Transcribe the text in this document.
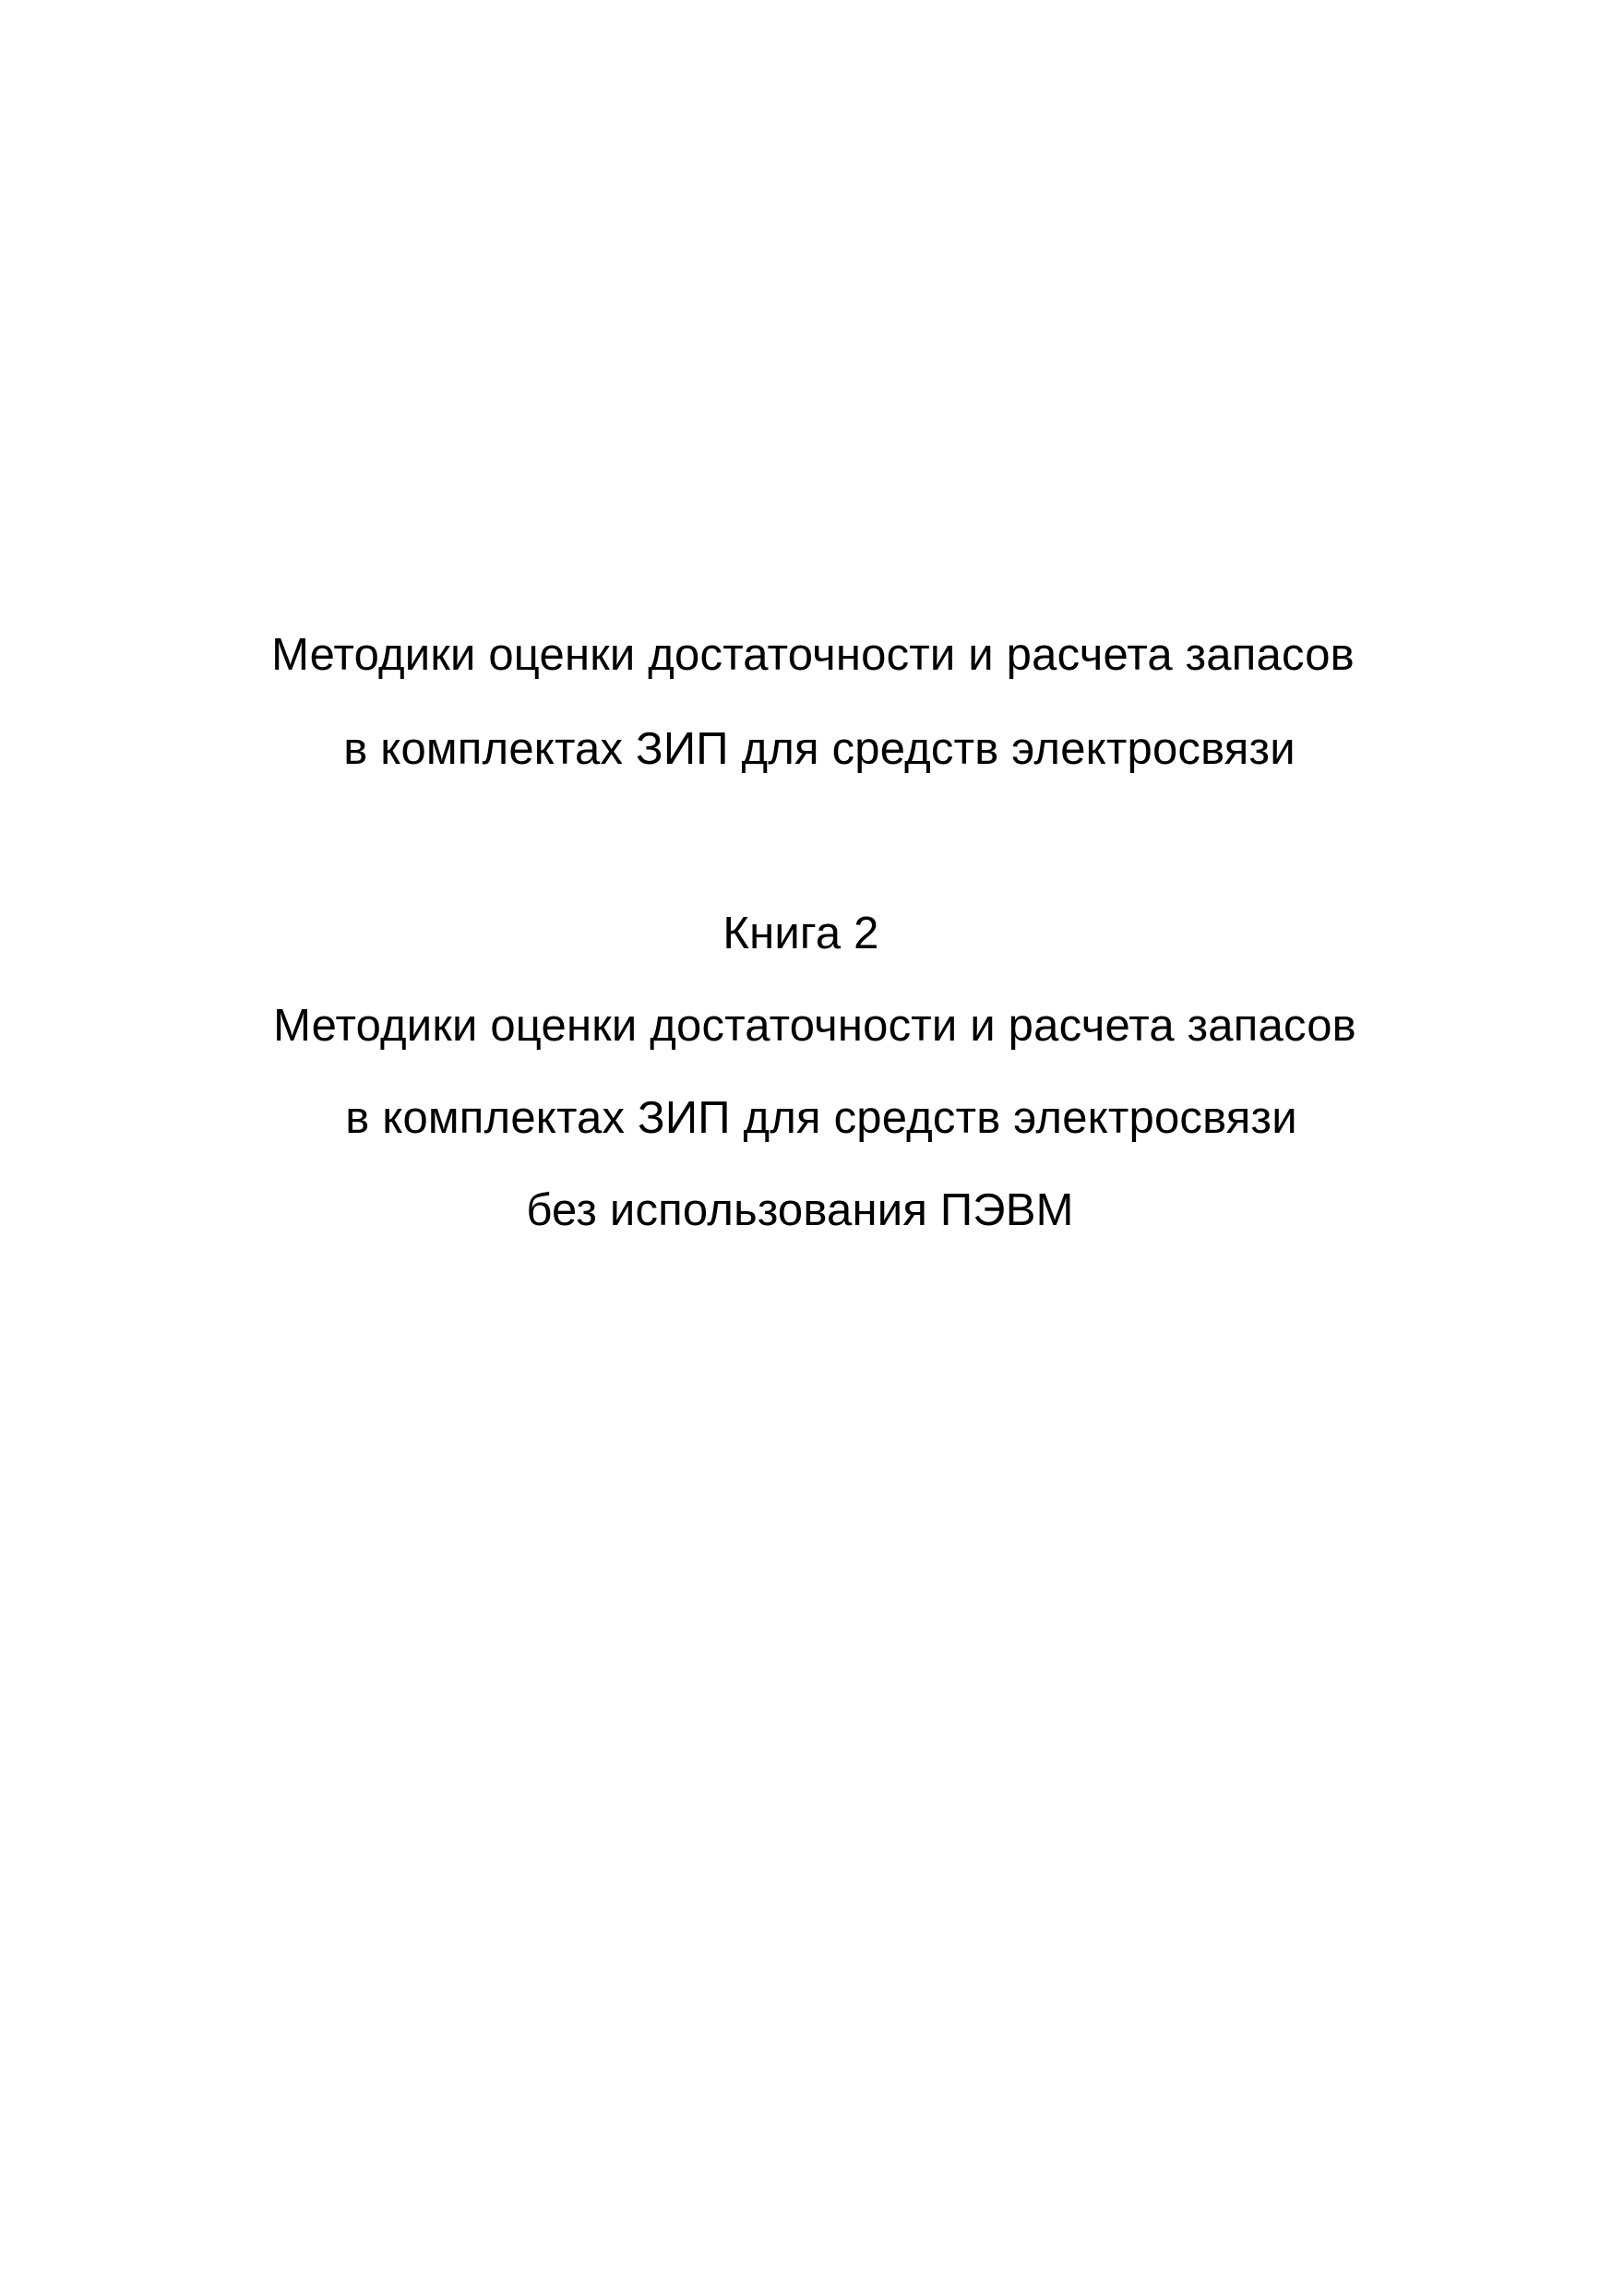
Методики оценки достаточности и расчета запасов
в комплектах ЗИП для средств электросвязи
Книга 2
Методики оценки достаточности и расчета запасов
в комплектах ЗИП для средств электросвязи
без использования ПЭВМ
